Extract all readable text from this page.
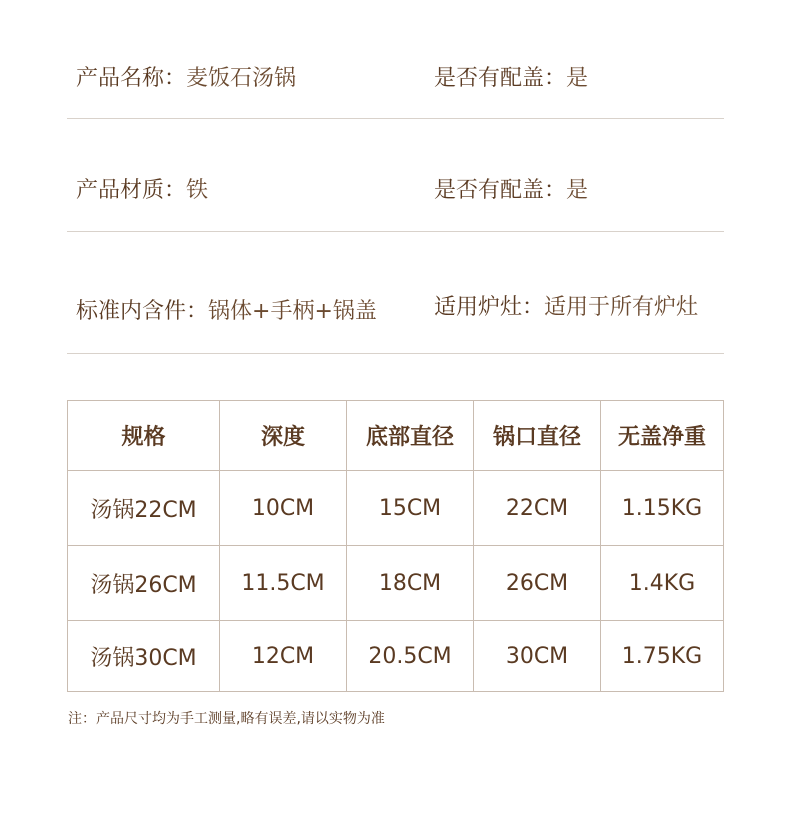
产品名称：麦饭石汤锅	是否有配盖：是
产品材质：铁	是否有配盖：是
标准内含件：锅体+手柄+锅盖	适用炉灶：适用于所有炉灶
规格	深度	底部直径	锅口直径	无盖净重
汤锅22CM	10CM	15CM	22CM	1.15KG
汤锅26CM	11.5CM	18CM	26CM	1.4KG
汤锅30CM	12CM	20.5CM	30CM	1.75KG
注：产品尺寸均为手工测量,略有误差,请以实物为准
